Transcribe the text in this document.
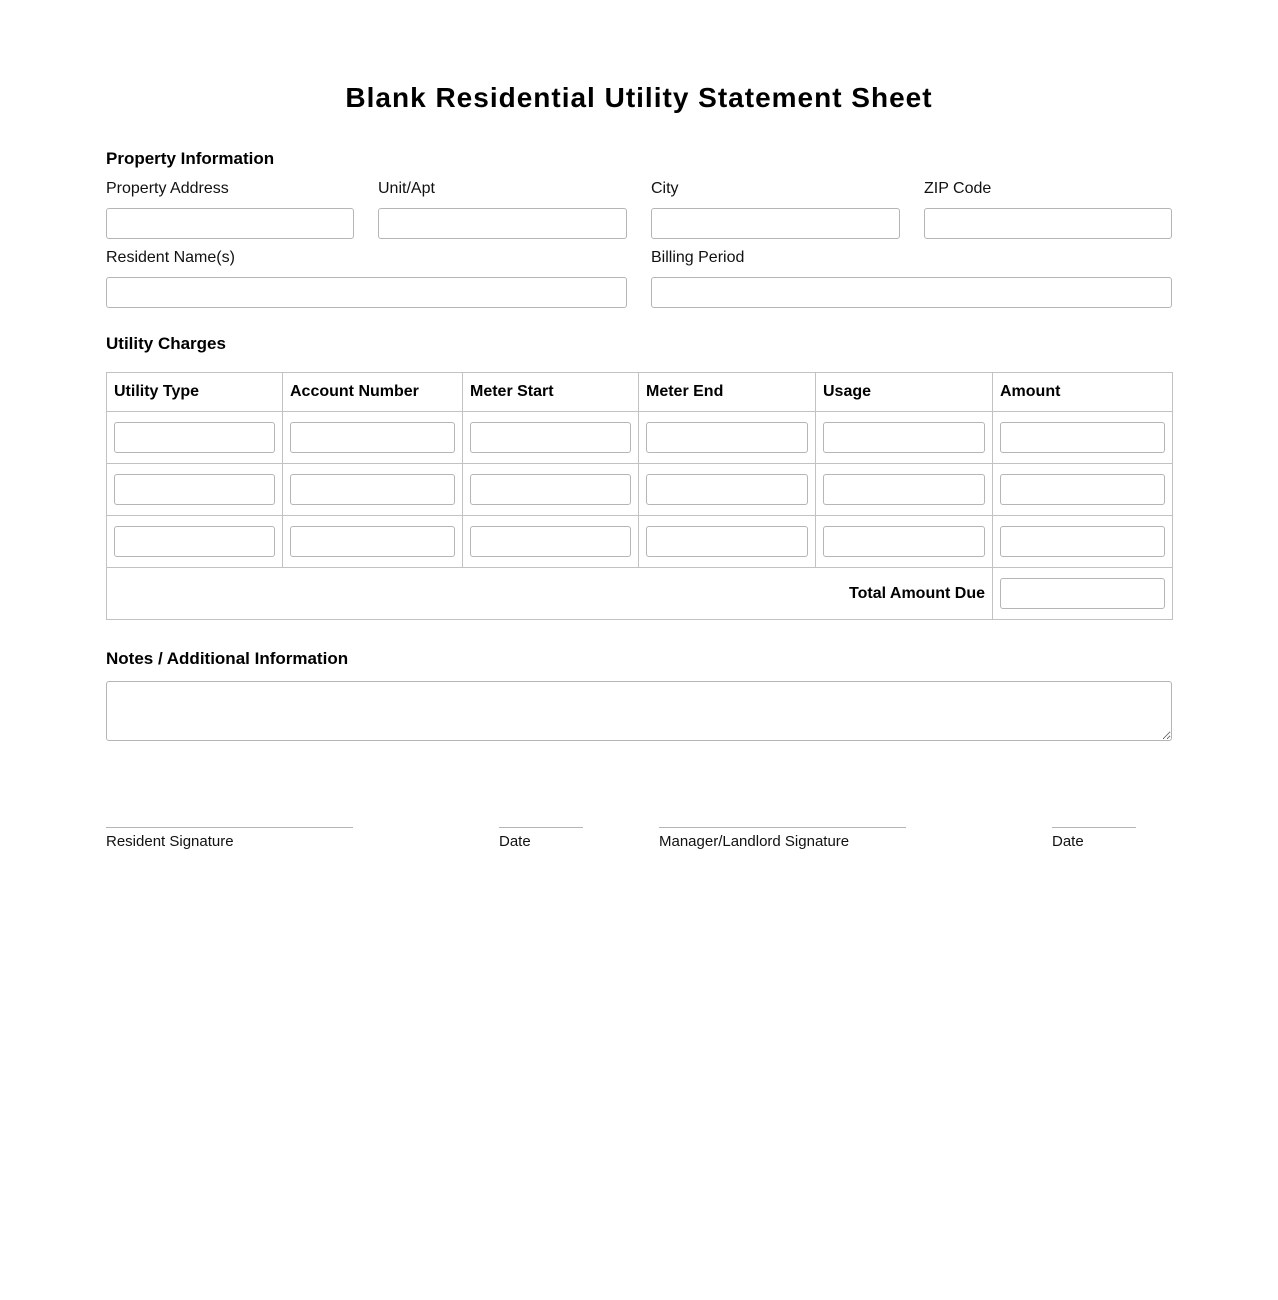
Blank Residential Utility Statement Sheet
Property Information
Property Address	Unit/Apt	City	ZIP Code
Resident Name(s)	Billing Period
Utility Charges
Utility Type	Account Number	Meter Start	Meter End	Usage	Amount

Total Amount Due	
Notes / Additional Information
Resident Signature	Date	Manager/Landlord Signature	Date
